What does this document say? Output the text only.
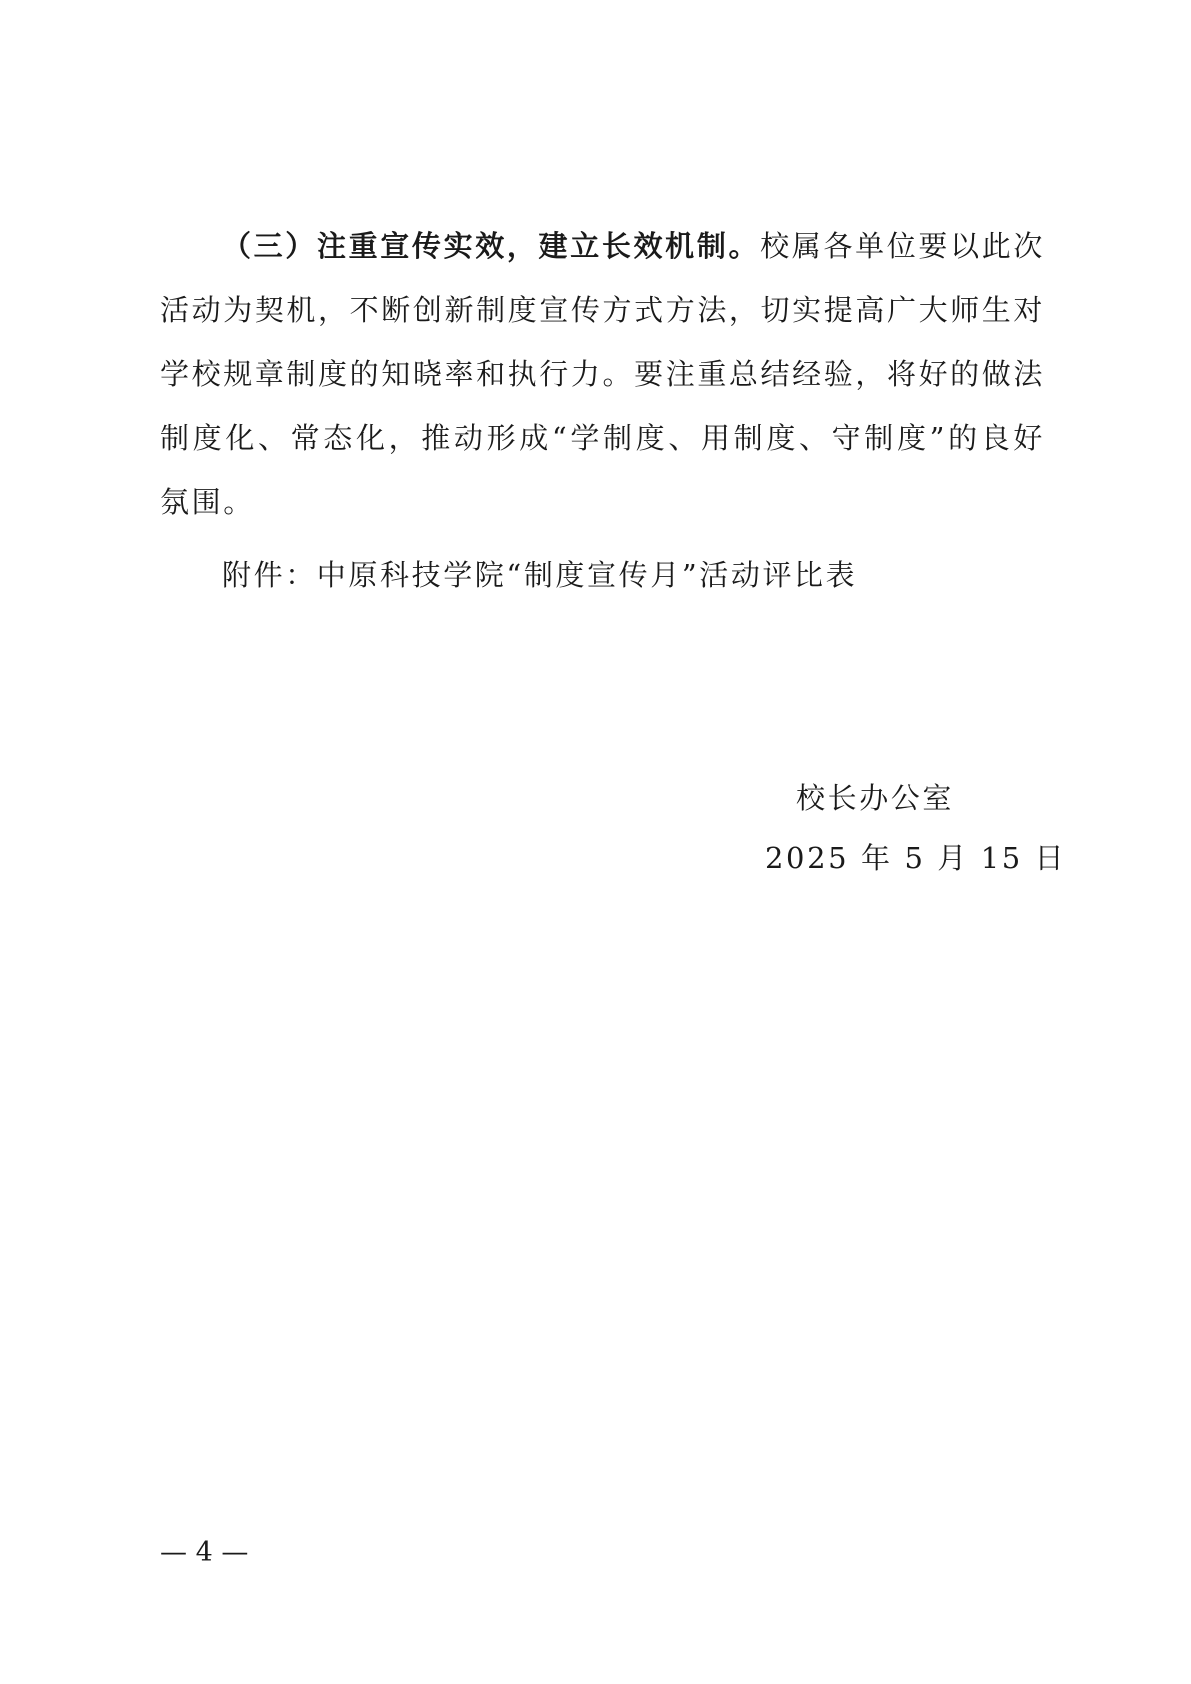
（三）注重宣传实效，建立长效机制。校属各单位要以此次活动为契机，不断创新制度宣传方式方法，切实提高广大师生对学校规章制度的知晓率和执行力。要注重总结经验，将好的做法制度化、常态化，推动形成“学制度、用制度、守制度”的良好氛围。

附件：中原科技学院“制度宣传月”活动评比表
校长办公室
2025 年 5 月 15 日
— 4 —
